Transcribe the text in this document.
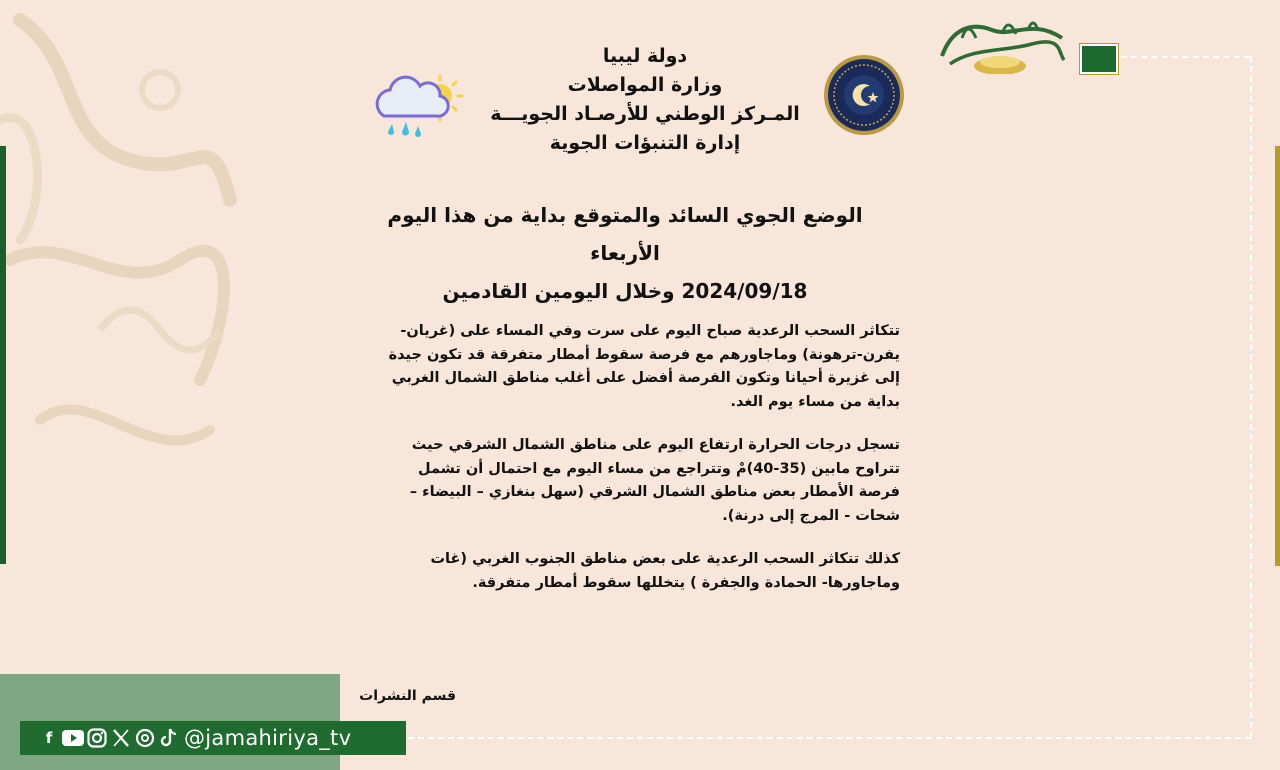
دولة ليبيا
وزارة المواصلات
المـركز الوطني للأرصـاد الجويـــة
إدارة التنبؤات الجوية
الوضع الجوي السائد والمتوقع بداية من هذا اليوم الأربعاء
2024/09/18 وخلال اليومين القادمين

تتكاثر السحب الرعدية صباح اليوم على سرت وفي المساء على (غريان-يفرن-ترهونة) وماجاورهم مع فرصة سقوط أمطار متفرقة قد تكون جيدة إلى غزيرة أحيانا وتكون الفرصة أفضل على أغلب مناطق الشمال الغربي بداية من مساء يوم الغد.

تسجل درجات الحرارة ارتفاع اليوم على مناطق الشمال الشرقي حيث تتراوح مابين (35-40)مْ وتتراجع من مساء اليوم مع احتمال أن تشمل فرصة الأمطار بعض مناطق الشمال الشرقي (سهل بنغازي – البيضاء – شحات - المرج إلى درنة).

كذلك تتكاثر السحب الرعدية على بعض مناطق الجنوب الغربي (غات وماجاورها- الحمادة والجفرة ) يتخللها سقوط أمطار متفرقة.

قسم النشرات
f	@jamahiriya_tv
